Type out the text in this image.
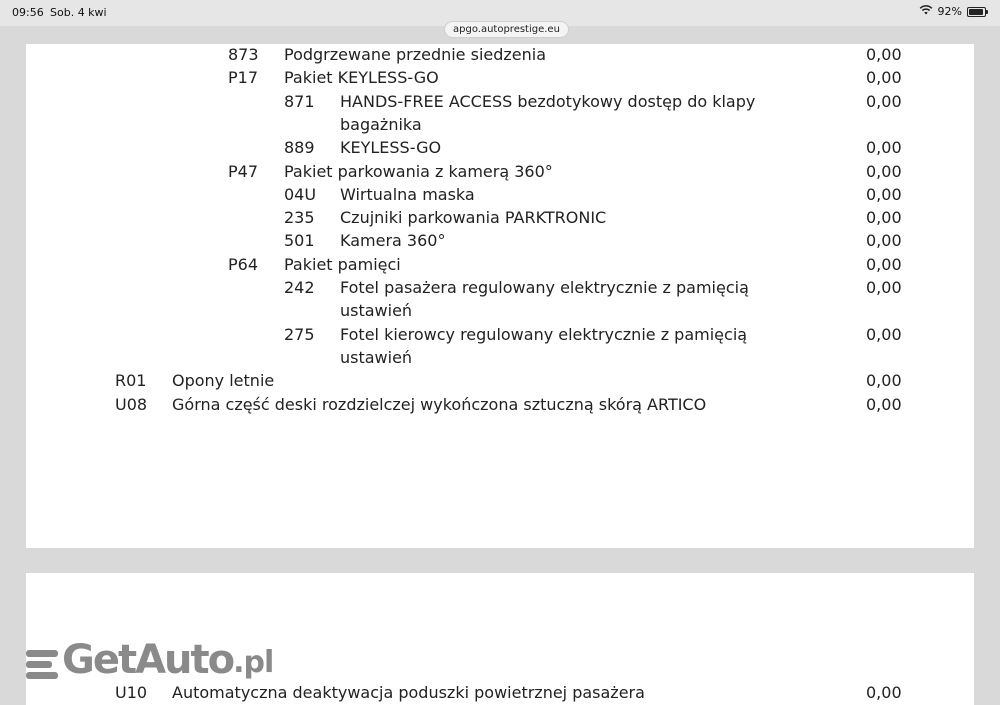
09:56 Sob. 4 kwi	92%
apgo.autoprestige.eu
873 Podgrzewane przednie siedzenia	0,00
P17 Pakiet KEYLESS-GO	0,00
871 HANDS-FREE ACCESS bezdotykowy dostęp do klapy	0,00
bagażnika
889 KEYLESS-GO	0,00
P47 Pakiet parkowania z kamerą 360°	0,00
04U Wirtualna maska	0,00
235 Czujniki parkowania PARKTRONIC	0,00
501 Kamera 360°	0,00
P64 Pakiet pamięci	0,00
242 Fotel pasażera regulowany elektrycznie z pamięcią	0,00
ustawień
275 Fotel kierowcy regulowany elektrycznie z pamięcią	0,00
ustawień
R01 Opony letnie	0,00
U08 Górna część deski rozdzielczej wykończona sztuczną skórą ARTICO	0,00
U10 Automatyczna deaktywacja poduszki powietrznej pasażera	0,00
GetAuto .pl
